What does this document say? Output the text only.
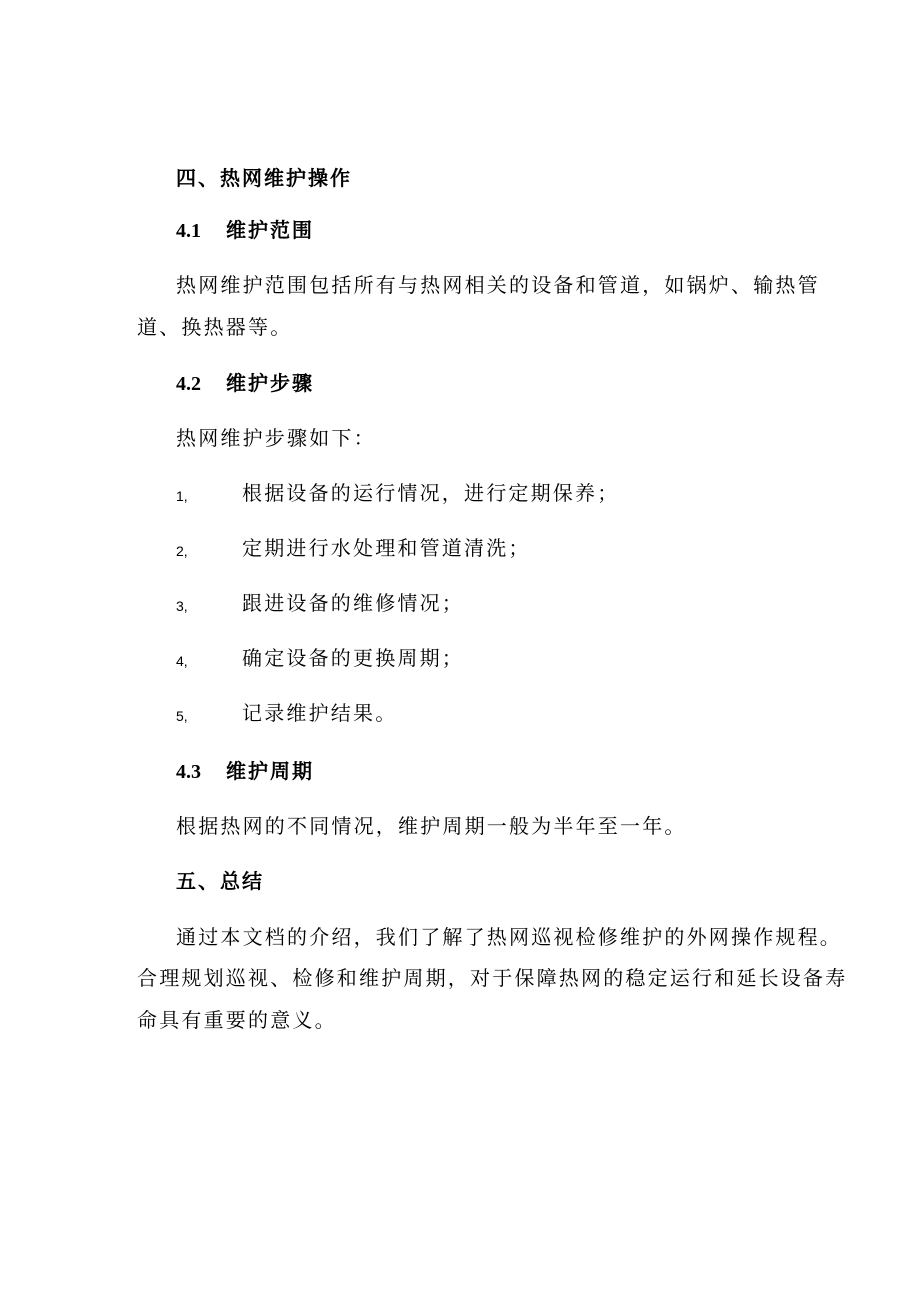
四、热网维护操作
4.1 维护范围
热网维护范围包括所有与热网相关的设备和管道，如锅炉、输热管
道、换热器等。
4.2 维护步骤
热网维护步骤如下：
1,	根据设备的运行情况，进行定期保养；
2,	定期进行水处理和管道清洗；
3,	跟进设备的维修情况；
4,	确定设备的更换周期；
5,	记录维护结果。
4.3 维护周期
根据热网的不同情况，维护周期一般为半年至一年。
五、总结
通过本文档的介绍，我们了解了热网巡视检修维护的外网操作规程。
合理规划巡视、检修和维护周期，对于保障热网的稳定运行和延长设备寿
命具有重要的意义。
